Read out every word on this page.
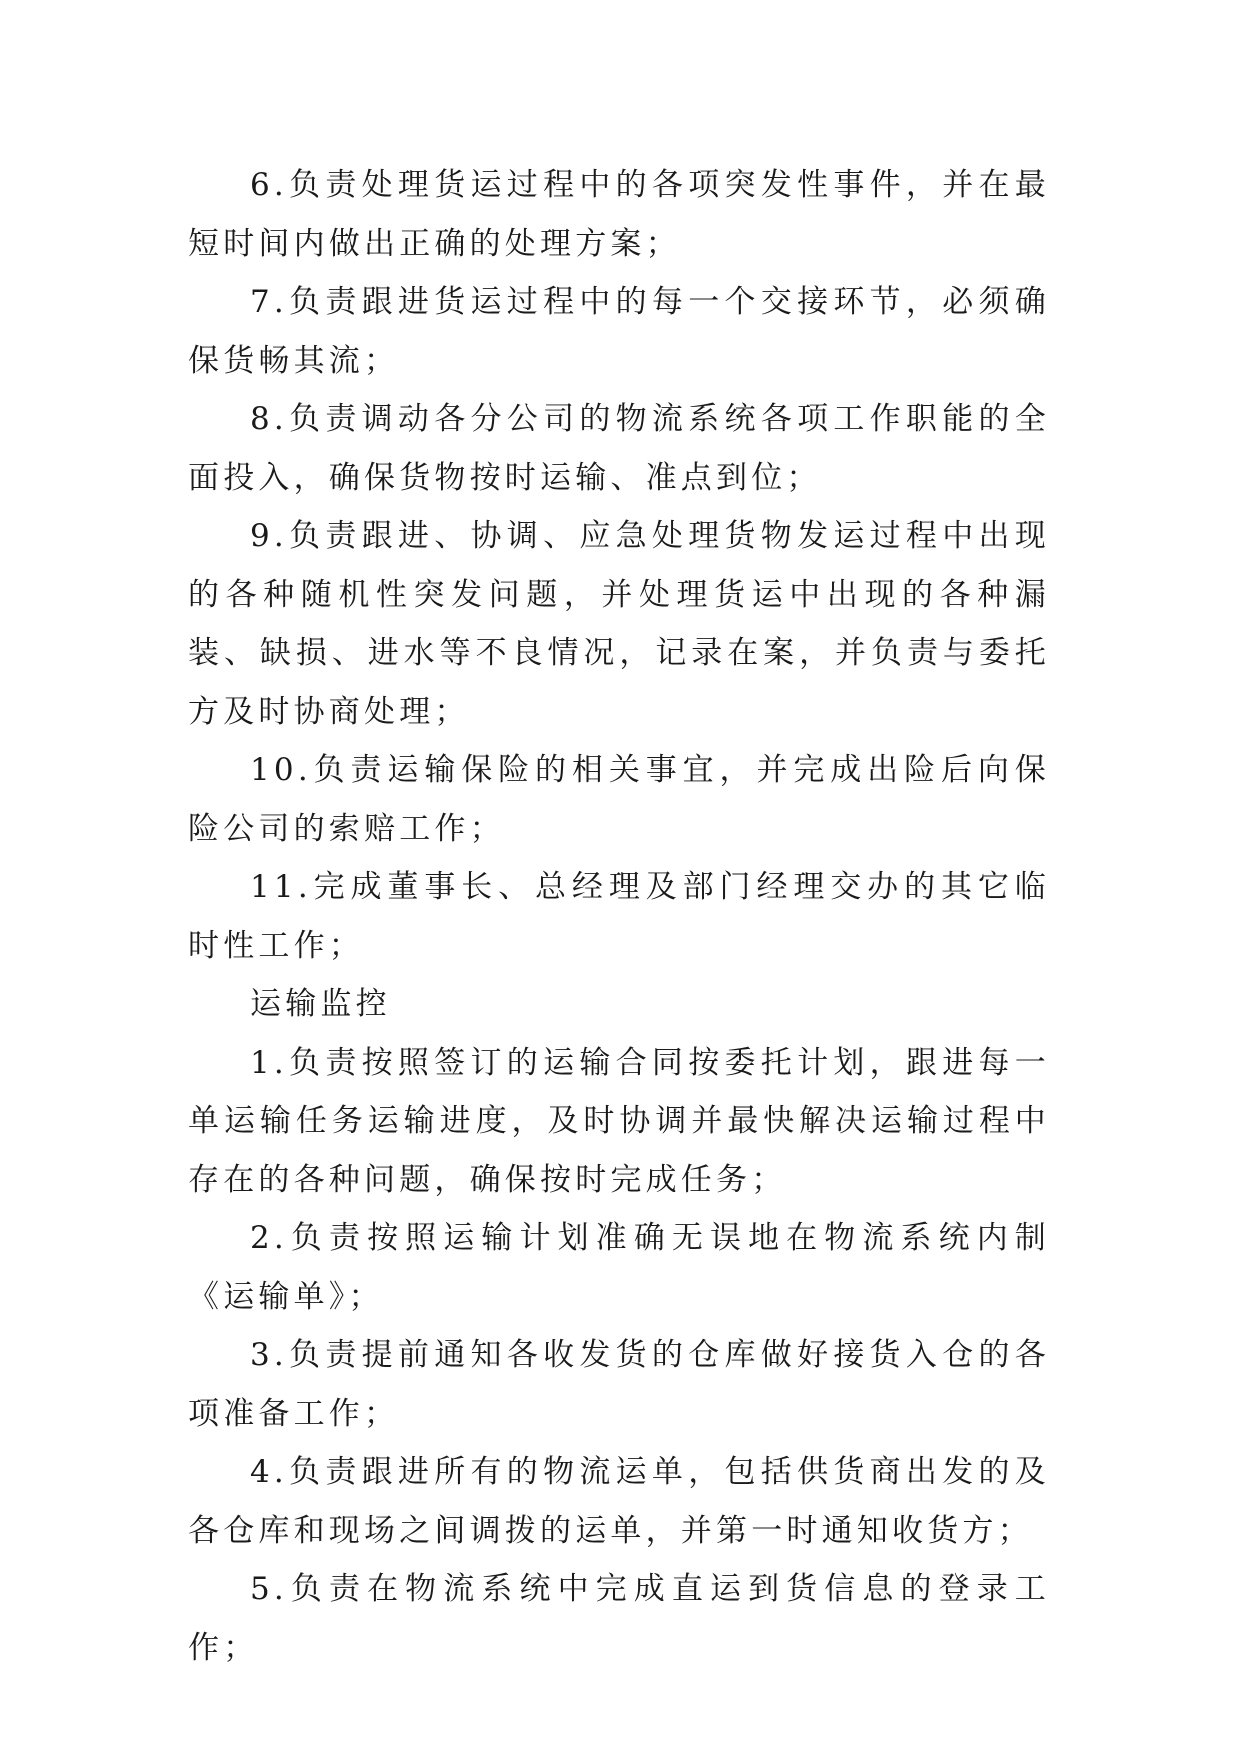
6.负责处理货运过程中的各项突发性事件，并在最短时间内做出正确的处理方案；

7.负责跟进货运过程中的每一个交接环节，必须确保货畅其流；

8.负责调动各分公司的物流系统各项工作职能的全面投入，确保货物按时运输、准点到位；

9.负责跟进、协调、应急处理货物发运过程中出现的各种随机性突发问题，并处理货运中出现的各种漏装、缺损、进水等不良情况，记录在案，并负责与委托方及时协商处理；

10.负责运输保险的相关事宜，并完成出险后向保险公司的索赔工作；

11.完成董事长、总经理及部门经理交办的其它临时性工作；

运输监控

1.负责按照签订的运输合同按委托计划，跟进每一单运输任务运输进度，及时协调并最快解决运输过程中存在的各种问题，确保按时完成任务；

2.负责按照运输计划准确无误地在物流系统内制《运输单》；

3.负责提前通知各收发货的仓库做好接货入仓的各项准备工作；

4.负责跟进所有的物流运单，包括供货商出发的及各仓库和现场之间调拨的运单，并第一时通知收货方；

5.负责在物流系统中完成直运到货信息的登录工作；
